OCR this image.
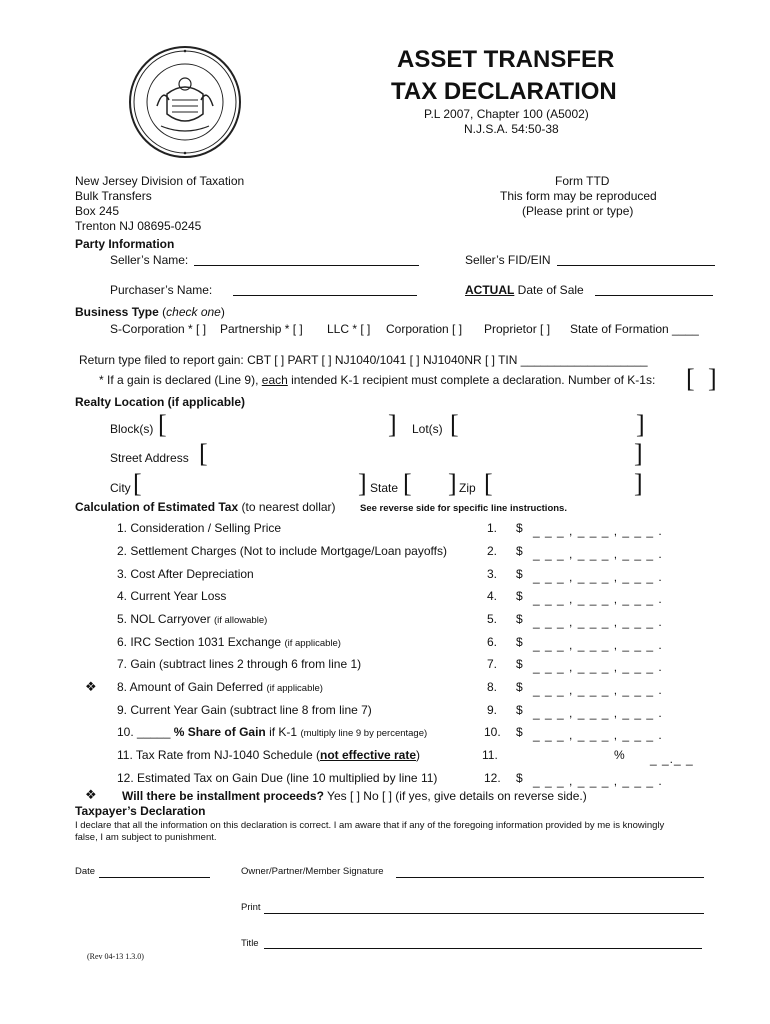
ASSET TRANSFER
TAX DECLARATION
P.L 2007, Chapter 100 (A5002)
N.J.S.A. 54:50-38
New Jersey Division of Taxation
Bulk Transfers
Box 245
Trenton NJ 08695-0245
Form TTD
This form may be reproduced
(Please print or type)
Party Information
Seller’s Name:	Seller’s FID/EIN
Purchaser’s Name:	ACTUAL Date of Sale
Business Type (check one)
S-Corporation * [ ] Partnership * [ ] LLC * [ ] Corporation [ ] Proprietor [ ] State of Formation ____
Return type filed to report gain: CBT [ ] PART [ ] NJ1040/1041 [ ] NJ1040NR [ ] TIN ___________________
* If a gain is declared (Line 9), each intended K-1 recipient must complete a declaration. Number of K-1s: [ ]
Realty Location (if applicable)
Block(s) [	] Lot(s) [	]
Street Address [	]
City [	] State [ ] Zip [	]
Calculation of Estimated Tax (to nearest dollar)	See reverse side for specific line instructions.
1. Consideration / Selling Price	1. $ _ _ _ , _ _ _ , _ _ _ .
2. Settlement Charges (Not to include Mortgage/Loan payoffs)	2. $ _ _ _ , _ _ _ , _ _ _ .
3. Cost After Depreciation	3. $ _ _ _ , _ _ _ , _ _ _ .
4. Current Year Loss	4. $ _ _ _ , _ _ _ , _ _ _ .
5. NOL Carryover (if allowable)	5. $ _ _ _ , _ _ _ , _ _ _ .
6. IRC Section 1031 Exchange (if applicable)	6. $ _ _ _ , _ _ _ , _ _ _ .
7. Gain (subtract lines 2 through 6 from line 1)	7. $ _ _ _ , _ _ _ , _ _ _ .
8. Amount of Gain Deferred (if applicable)	8. $ _ _ _ , _ _ _ , _ _ _ .
❖
9. Current Year Gain (subtract line 8 from line 7)	9. $ _ _ _ , _ _ _ , _ _ _ .
10. _____ % Share of Gain if K-1 (multiply line 9 by percentage)	10. $ _ _ _ , _ _ _ , _ _ _ .
11. Tax Rate from NJ-1040 Schedule (not effective rate)	11.	% _ _._ _
12. Estimated Tax on Gain Due (line 10 multiplied by line 11)	12. $ _ _ _ , _ _ _ , _ _ _ .
❖ Will there be installment proceeds? Yes [ ] No [ ] (if yes, give details on reverse side.)
Taxpayer’s Declaration
I declare that all the information on this declaration is correct. I am aware that if any of the foregoing information provided by me is knowingly
false, I am subject to punishment.
Date	Owner/Partner/Member Signature
Print
Title
(Rev 04-13 1.3.0)
